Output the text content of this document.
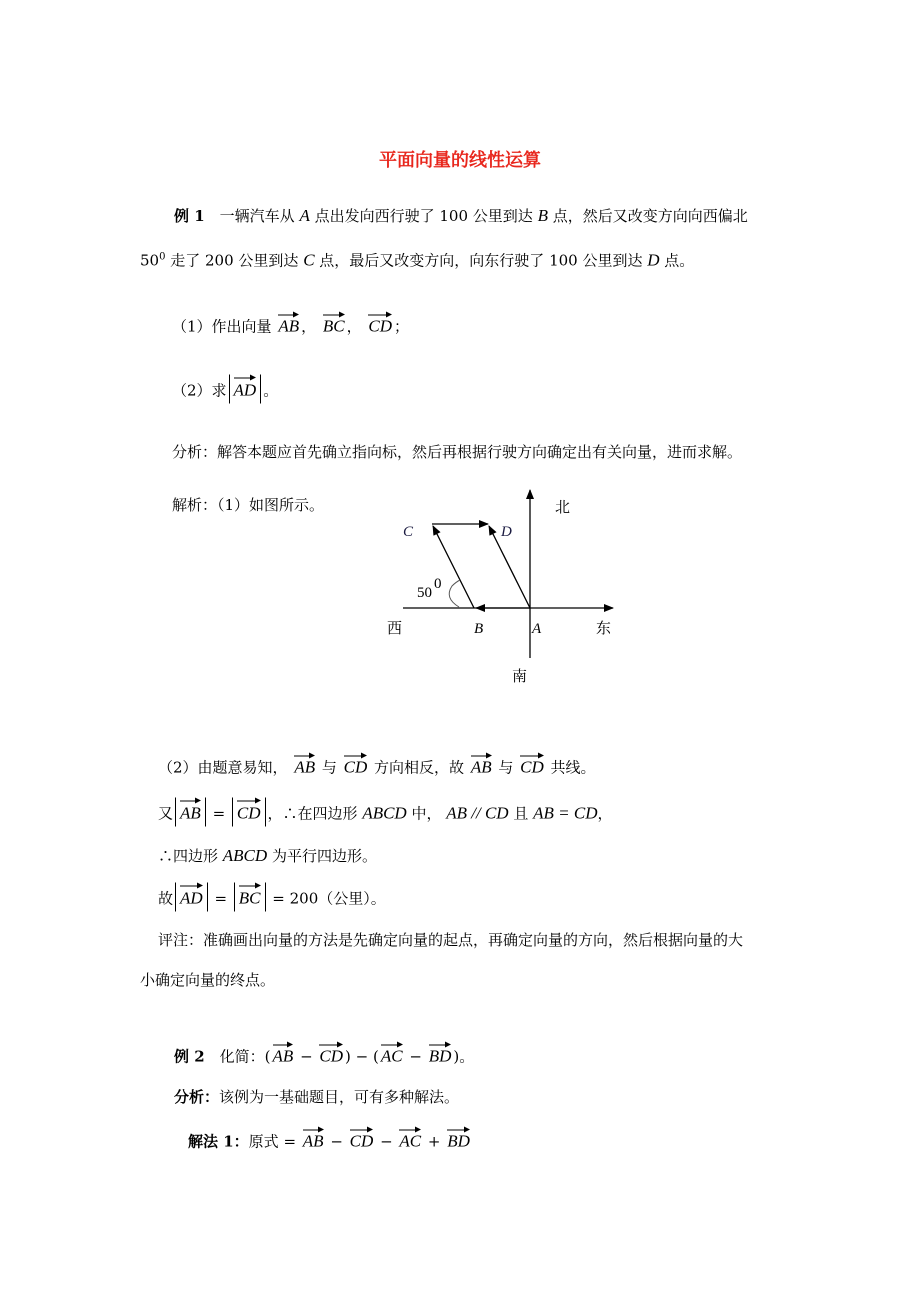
平面向量的线性运算
例 1　一辆汽车从 A 点出发向西行驶了 100 公里到达 B 点，然后又改变方向向西偏北
$50^0$ 走了 200 公里到达 C 点，最后又改变方向，向东行驶了 100 公里到达 D 点。
（1）作出向量 AB ， BC ， CD ；
（2）求 AD 。
分析：解答本题应首先确立指向标，然后再根据行驶方向确定出有关向量，进而求解。
解析：（1）如图所示。	北
西	东
南
A
B
C	D
50
0
（2）由题意易知， AB 与 CD 方向相反，故 AB 与 CD 共线。
又 AB = CD ，∴在四边形 ABCD 中， AB // CD 且 AB = CD，
∴四边形 ABCD 为平行四边形。
故 AD = BC = 200（公里）。
评注：准确画出向量的方法是先确定向量的起点，再确定向量的方向，然后根据向量的大
小确定向量的终点。
例 2　化简：( AB − CD ) − ( AC − BD )。
分析：该例为一基础题目，可有多种解法。
解法 1：原式 = AB − CD − AC + BD
